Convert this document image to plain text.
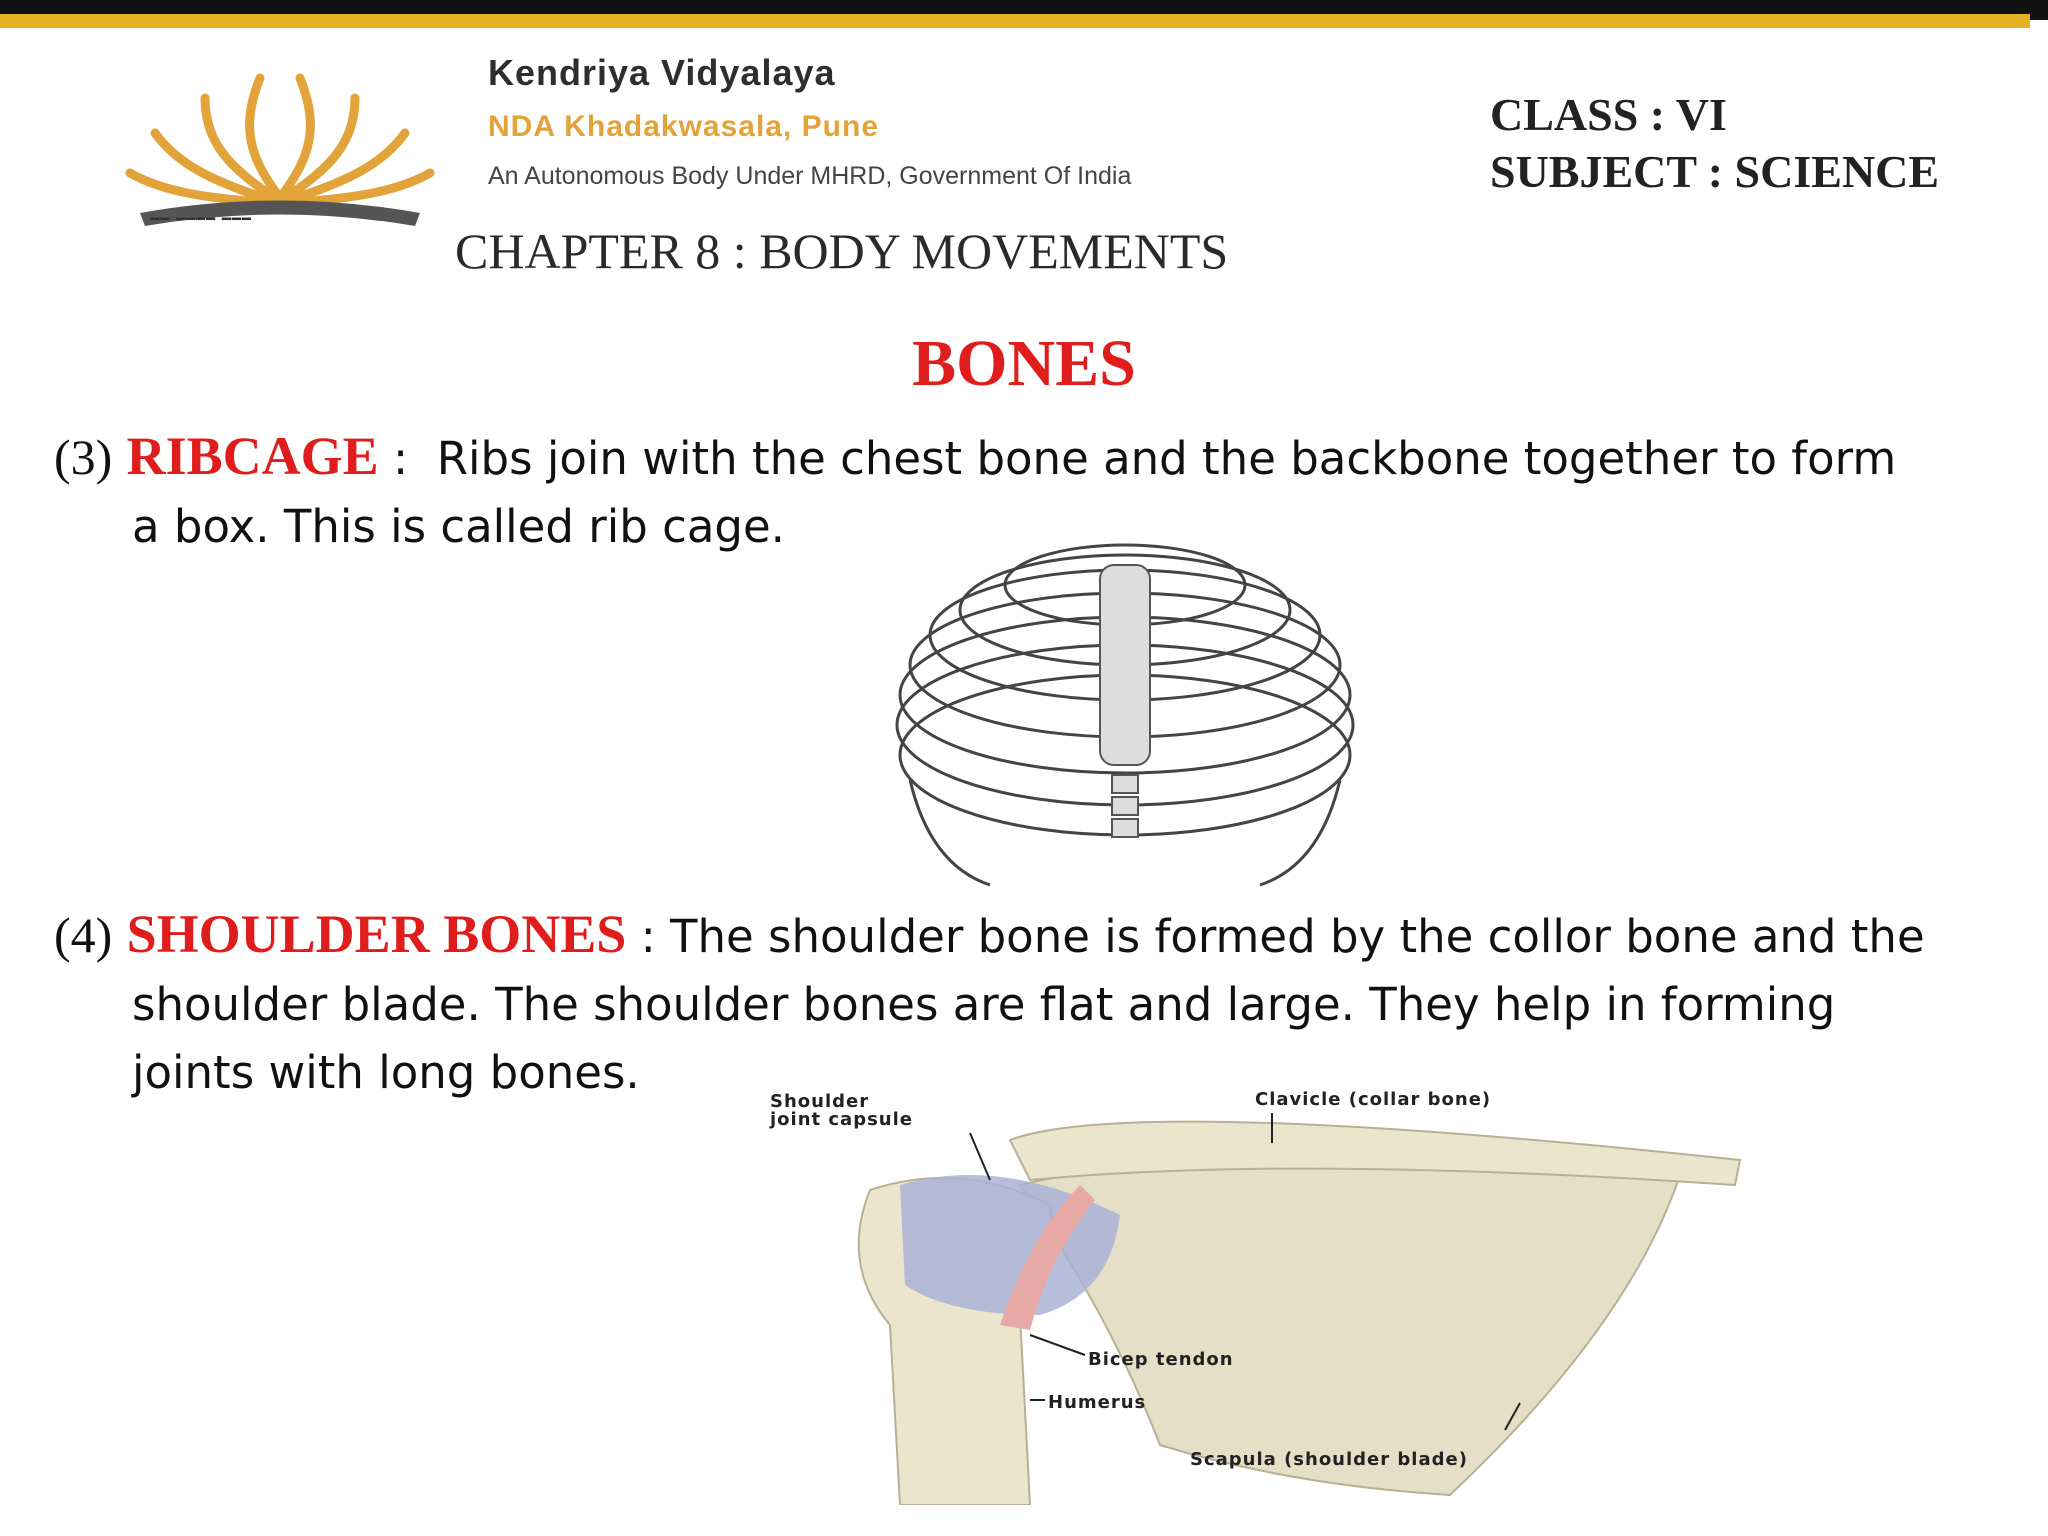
━━ ━━━━ ━━━
Kendriya Vidyalaya
NDA Khadakwasala, Pune
An Autonomous Body Under MHRD, Government Of India
CLASS : VI
SUBJECT : SCIENCE
CHAPTER 8 : BODY MOVEMENTS
BONES
(3) RIBCAGE :  Ribs join with the chest bone and the backbone together to form
a box. This is called rib cage.
(4) SHOULDER BONES : The shoulder bone is formed by the collor bone and the
shoulder blade. The shoulder bones are flat and large. They help in forming
joints with long bones.
Shoulder
joint capsule
Clavicle (collar bone)
Bicep tendon
Humerus
Scapula (shoulder blade)
